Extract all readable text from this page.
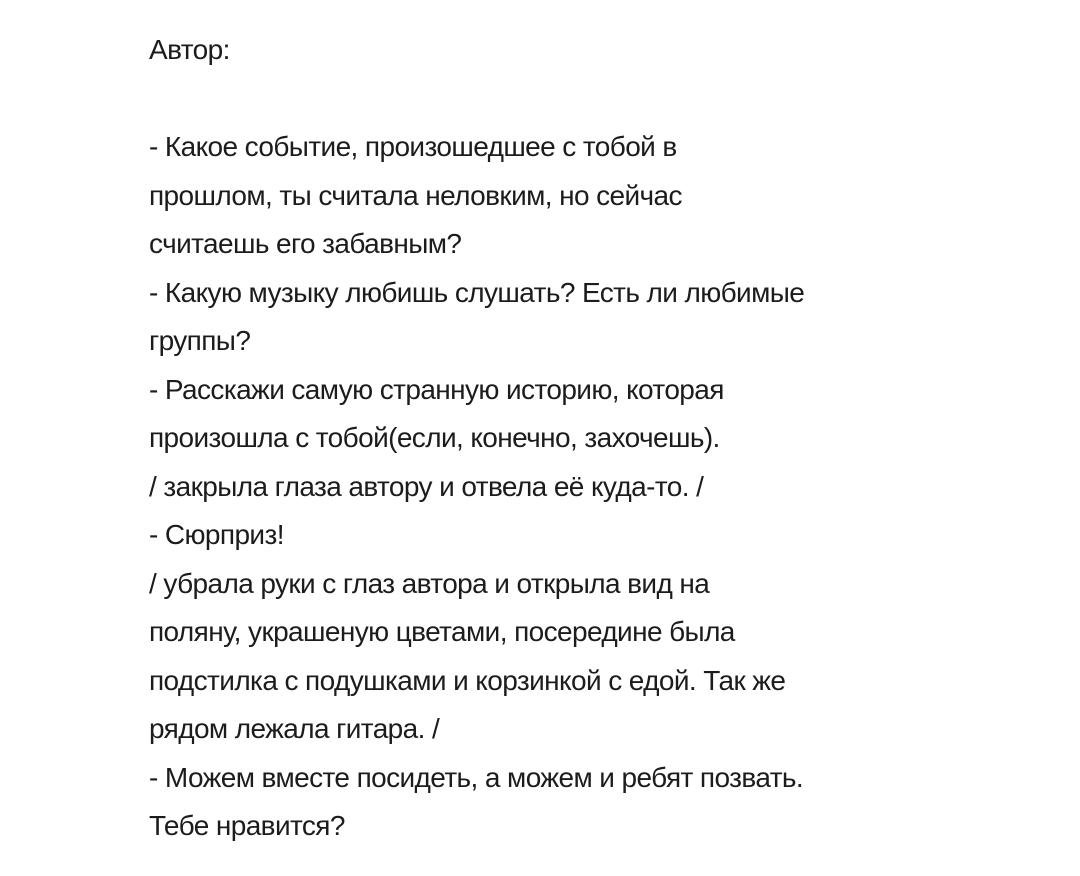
Автор:
- Какое событие, произошедшее с тобой в
прошлом, ты считала неловким, но сейчас
считаешь его забавным?
- Какую музыку любишь слушать? Есть ли любимые
группы?
- Расскажи самую странную историю, которая
произошла с тобой(если, конечно, захочешь).
/ закрыла глаза автору и отвела её куда-то. /
- Сюрприз!
/ убрала руки с глаз автора и открыла вид на
поляну, украшеную цветами, посередине была
подстилка с подушками и корзинкой с едой. Так же
рядом лежала гитара. /
- Можем вместе посидеть, а можем и ребят позвать.
Тебе нравится?
